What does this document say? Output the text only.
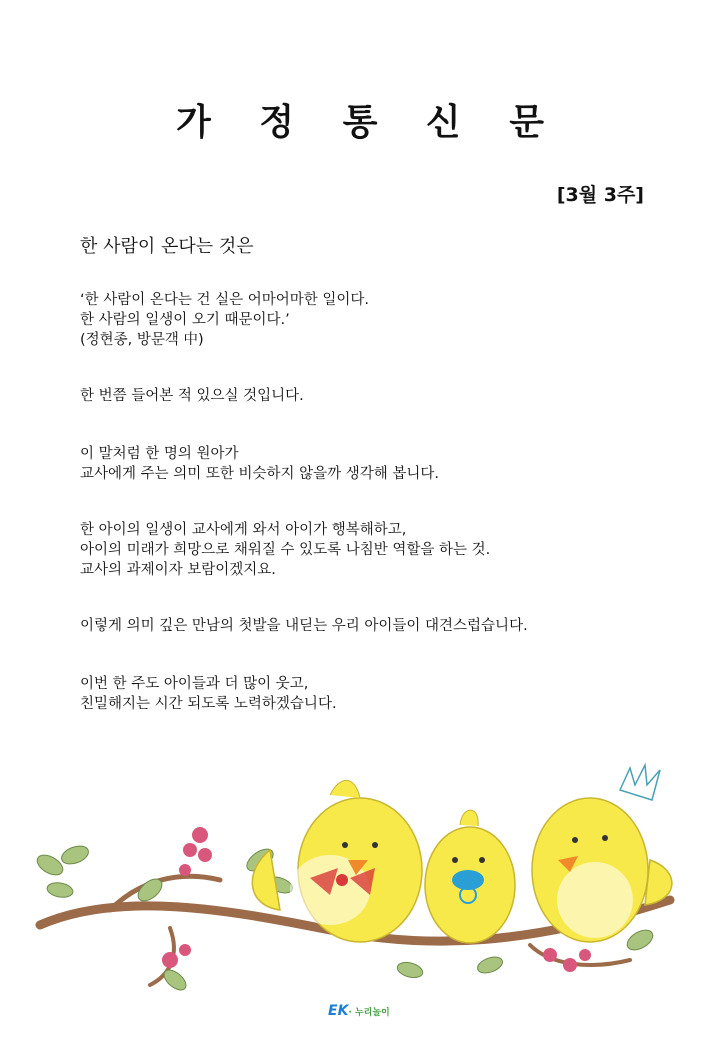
가 정 통 신 문
[3월 3주]
한 사람이 온다는 것은
‘한 사람이 온다는 건 실은 어마어마한 일이다.
한 사람의 일생이 오기 때문이다.’
(정현종, 방문객 中)
한 번쯤 들어본 적 있으실 것입니다.
이 말처럼 한 명의 원아가
교사에게 주는 의미 또한 비슷하지 않을까 생각해 봅니다.
한 아이의 일생이 교사에게 와서 아이가 행복해하고,
아이의 미래가 희망으로 채워질 수 있도록 나침반 역할을 하는 것.
교사의 과제이자 보람이겠지요.
이렇게 의미 깊은 만남의 첫발을 내딛는 우리 아이들이 대견스럽습니다.
이번 한 주도 아이들과 더 많이 웃고,
친밀해지는 시간 되도록 노력하겠습니다.
EK· 누리놀이
